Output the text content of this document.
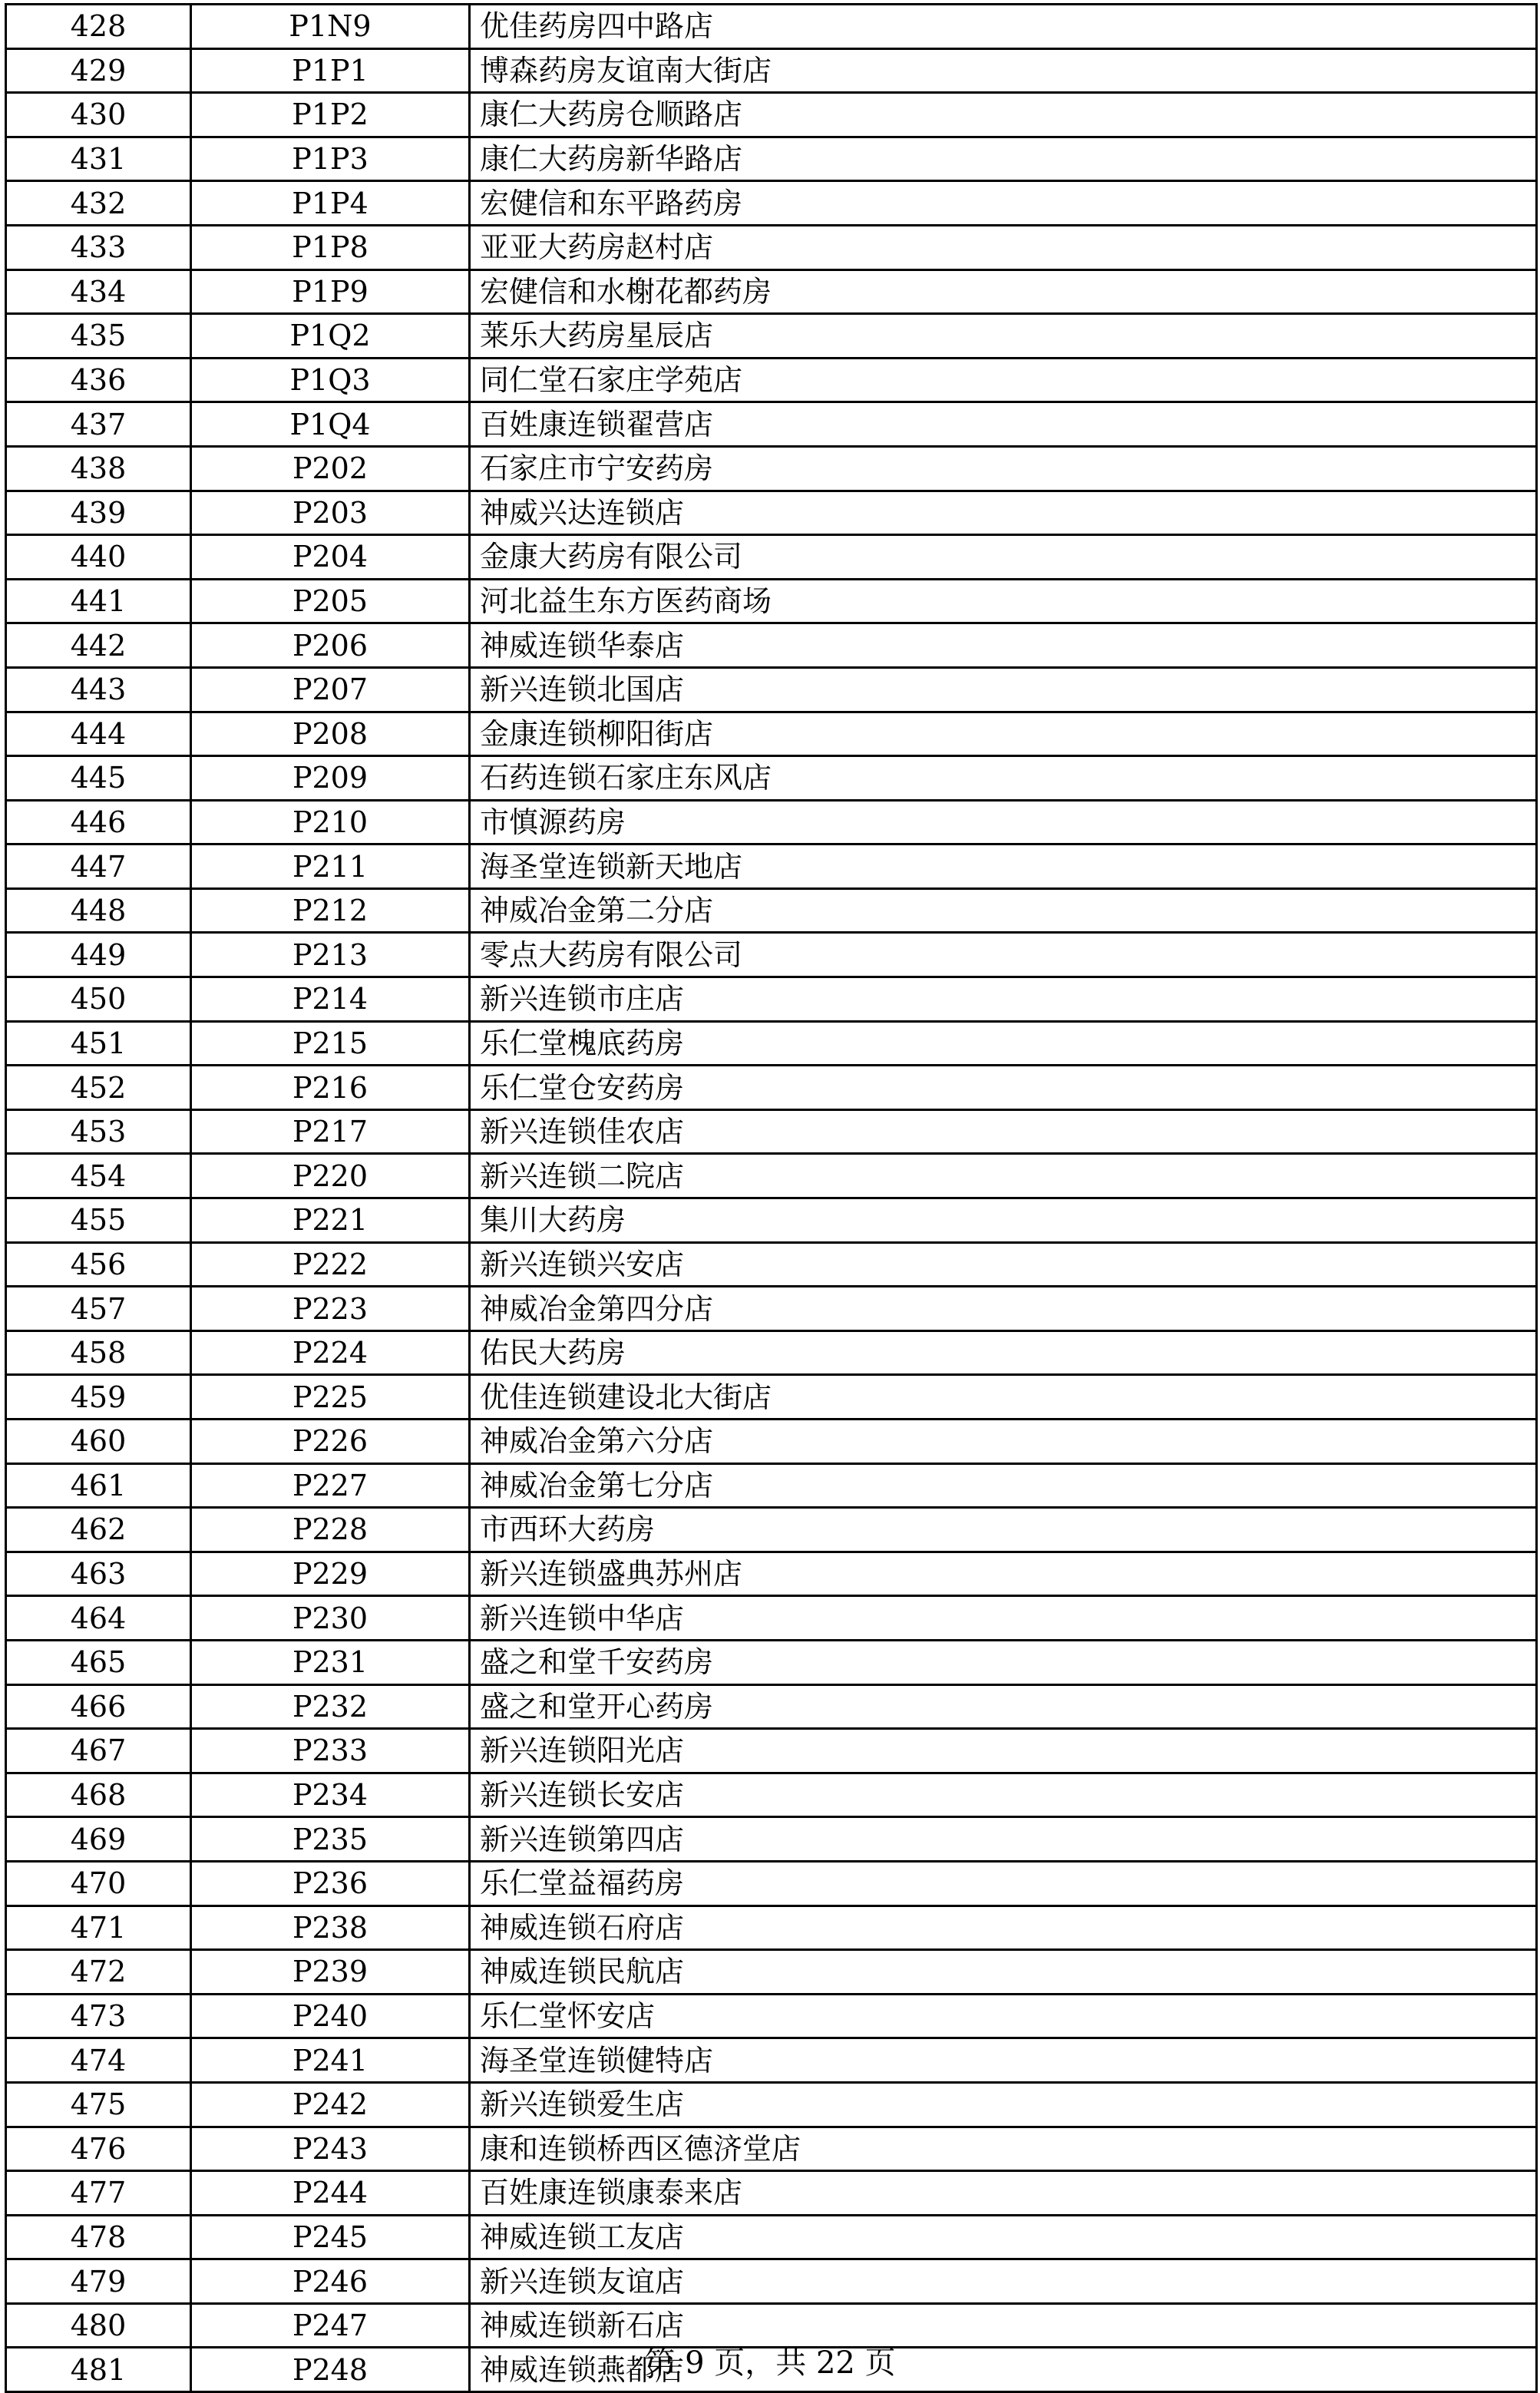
428	P1N9	优佳药房四中路店
429	P1P1	博森药房友谊南大街店
430	P1P2	康仁大药房仓顺路店
431	P1P3	康仁大药房新华路店
432	P1P4	宏健信和东平路药房
433	P1P8	亚亚大药房赵村店
434	P1P9	宏健信和水榭花都药房
435	P1Q2	莱乐大药房星辰店
436	P1Q3	同仁堂石家庄学苑店
437	P1Q4	百姓康连锁翟营店
438	P202	石家庄市宁安药房
439	P203	神威兴达连锁店
440	P204	金康大药房有限公司
441	P205	河北益生东方医药商场
442	P206	神威连锁华泰店
443	P207	新兴连锁北国店
444	P208	金康连锁柳阳街店
445	P209	石药连锁石家庄东风店
446	P210	市慎源药房
447	P211	海圣堂连锁新天地店
448	P212	神威冶金第二分店
449	P213	零点大药房有限公司
450	P214	新兴连锁市庄店
451	P215	乐仁堂槐底药房
452	P216	乐仁堂仓安药房
453	P217	新兴连锁佳农店
454	P220	新兴连锁二院店
455	P221	集川大药房
456	P222	新兴连锁兴安店
457	P223	神威冶金第四分店
458	P224	佑民大药房
459	P225	优佳连锁建设北大街店
460	P226	神威冶金第六分店
461	P227	神威冶金第七分店
462	P228	市西环大药房
463	P229	新兴连锁盛典苏州店
464	P230	新兴连锁中华店
465	P231	盛之和堂千安药房
466	P232	盛之和堂开心药房
467	P233	新兴连锁阳光店
468	P234	新兴连锁长安店
469	P235	新兴连锁第四店
470	P236	乐仁堂益福药房
471	P238	神威连锁石府店
472	P239	神威连锁民航店
473	P240	乐仁堂怀安店
474	P241	海圣堂连锁健特店
475	P242	新兴连锁爱生店
476	P243	康和连锁桥西区德济堂店
477	P244	百姓康连锁康泰来店
478	P245	神威连锁工友店
479	P246	新兴连锁友谊店
480	P247	神威连锁新石店
481	P248	神威连锁燕都店
第 9 页，共 22 页
